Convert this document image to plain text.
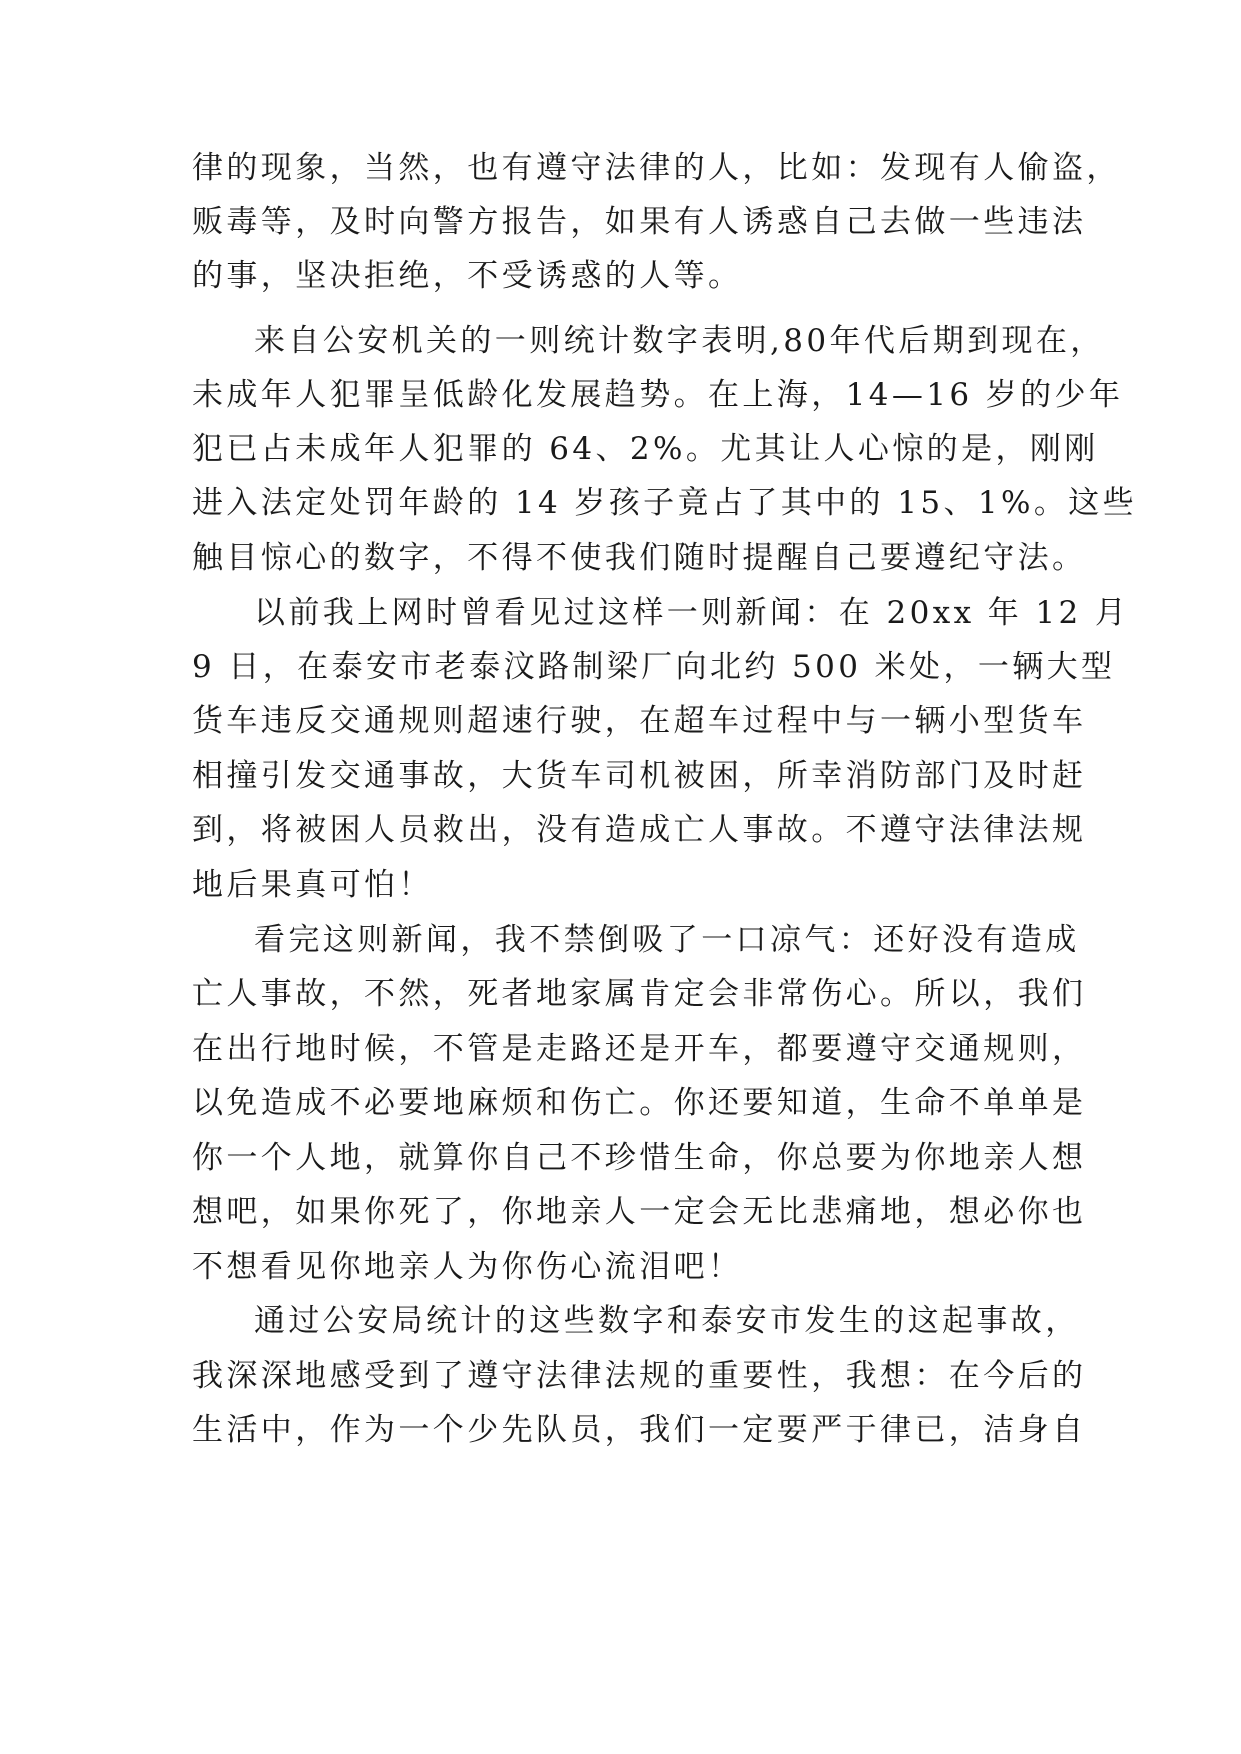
律的现象，当然，也有遵守法律的人，比如：发现有人偷盗，
贩毒等，及时向警方报告，如果有人诱惑自己去做一些违法
的事，坚决拒绝，不受诱惑的人等。
来自公安机关的一则统计数字表明,80年代后期到现在，
未成年人犯罪呈低龄化发展趋势。在上海，14—16 岁的少年
犯已占未成年人犯罪的 64、2%。尤其让人心惊的是，刚刚
进入法定处罚年龄的 14 岁孩子竟占了其中的 15、1%。这些
触目惊心的数字，不得不使我们随时提醒自己要遵纪守法。
以前我上网时曾看见过这样一则新闻：在 20xx 年 12 月
9 日，在泰安市老泰汶路制梁厂向北约 500 米处，一辆大型
货车违反交通规则超速行驶，在超车过程中与一辆小型货车
相撞引发交通事故，大货车司机被困，所幸消防部门及时赶
到，将被困人员救出，没有造成亡人事故。不遵守法律法规
地后果真可怕！
看完这则新闻，我不禁倒吸了一口凉气：还好没有造成
亡人事故，不然，死者地家属肯定会非常伤心。所以，我们
在出行地时候，不管是走路还是开车，都要遵守交通规则，
以免造成不必要地麻烦和伤亡。你还要知道，生命不单单是
你一个人地，就算你自己不珍惜生命，你总要为你地亲人想
想吧，如果你死了，你地亲人一定会无比悲痛地，想必你也
不想看见你地亲人为你伤心流泪吧！
通过公安局统计的这些数字和泰安市发生的这起事故，
我深深地感受到了遵守法律法规的重要性，我想：在今后的
生活中，作为一个少先队员，我们一定要严于律已，洁身自
